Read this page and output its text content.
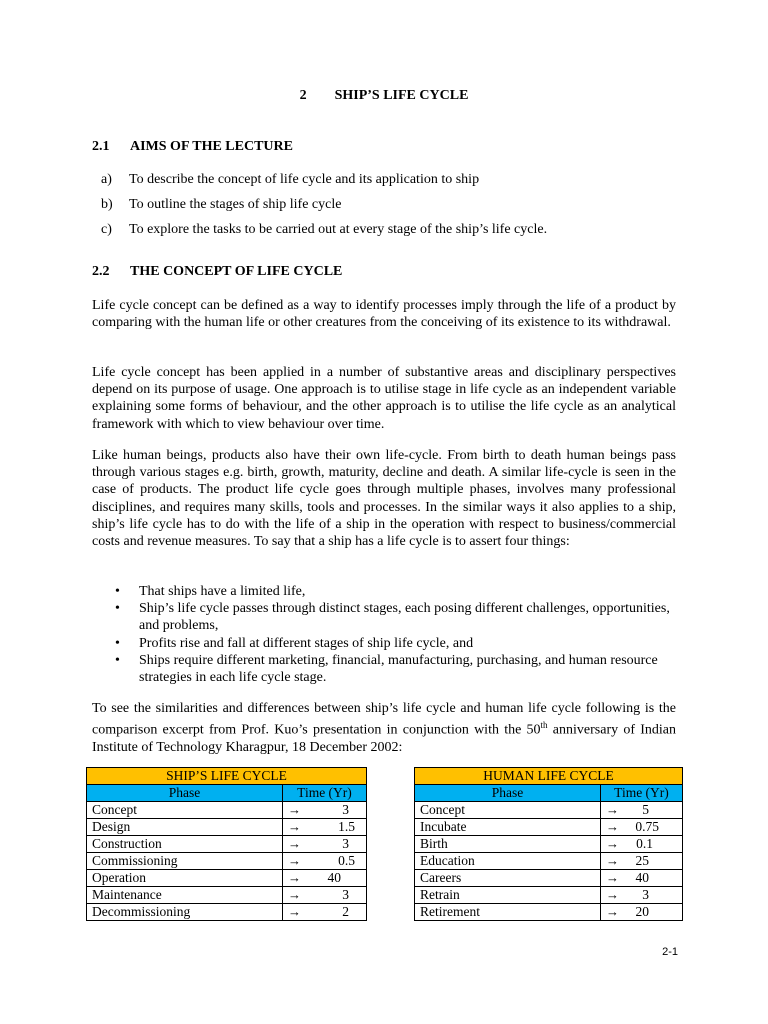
2 SHIP’S LIFE CYCLE
2.1 AIMS OF THE LECTURE
a)	To describe the concept of life cycle and its application to ship
b)	To outline the stages of ship life cycle
c)	To explore the tasks to be carried out at every stage of the ship’s life cycle.
2.2 THE CONCEPT OF LIFE CYCLE
Life cycle concept can be defined as a way to identify processes imply through the life of a product by comparing with the human life or other creatures from the conceiving of its existence to its withdrawal.
Life cycle concept has been applied in a number of substantive areas and disciplinary perspectives depend on its purpose of usage. One approach is to utilise stage in life cycle as an independent variable explaining some forms of behaviour, and the other approach is to utilise the life cycle as an analytical framework with which to view behaviour over time.
Like human beings, products also have their own life-cycle. From birth to death human beings pass through various stages e.g. birth, growth, maturity, decline and death. A similar life-cycle is seen in the case of products. The product life cycle goes through multiple phases, involves many professional disciplines, and requires many skills, tools and processes. In the similar ways it also applies to a ship, ship’s life cycle has to do with the life of a ship in the operation with respect to business/commercial costs and revenue measures. To say that a ship has a life cycle is to assert four things:
•	That ships have a limited life,
•	Ship’s life cycle passes through distinct stages, each posing different challenges, opportunities, and problems,
•	Profits rise and fall at different stages of ship life cycle, and
•	Ships require different marketing, financial, manufacturing, purchasing, and human resource strategies in each life cycle stage.
To see the similarities and differences between ship’s life cycle and human life cycle following is the comparison excerpt from Prof. Kuo’s presentation in conjunction with the 50th anniversary of Indian Institute of Technology Kharagpur, 18 December 2002:
SHIP’S LIFE CYCLE	
Phase	Time (Yr)
Concept	→ 3

Design	→ 1.5

Construction	→ 3

Commissioning	→ 0.5

Operation	→ 40

Maintenance	→ 3

Decommissioning	→ 2
HUMAN LIFE CYCLE	
Phase	Time (Yr)
Concept	→ 5

Incubate	→ 0.75

Birth	→ 0.1

Education	→ 25

Careers	→ 40

Retrain	→ 3

Retirement	→ 20
2-1
